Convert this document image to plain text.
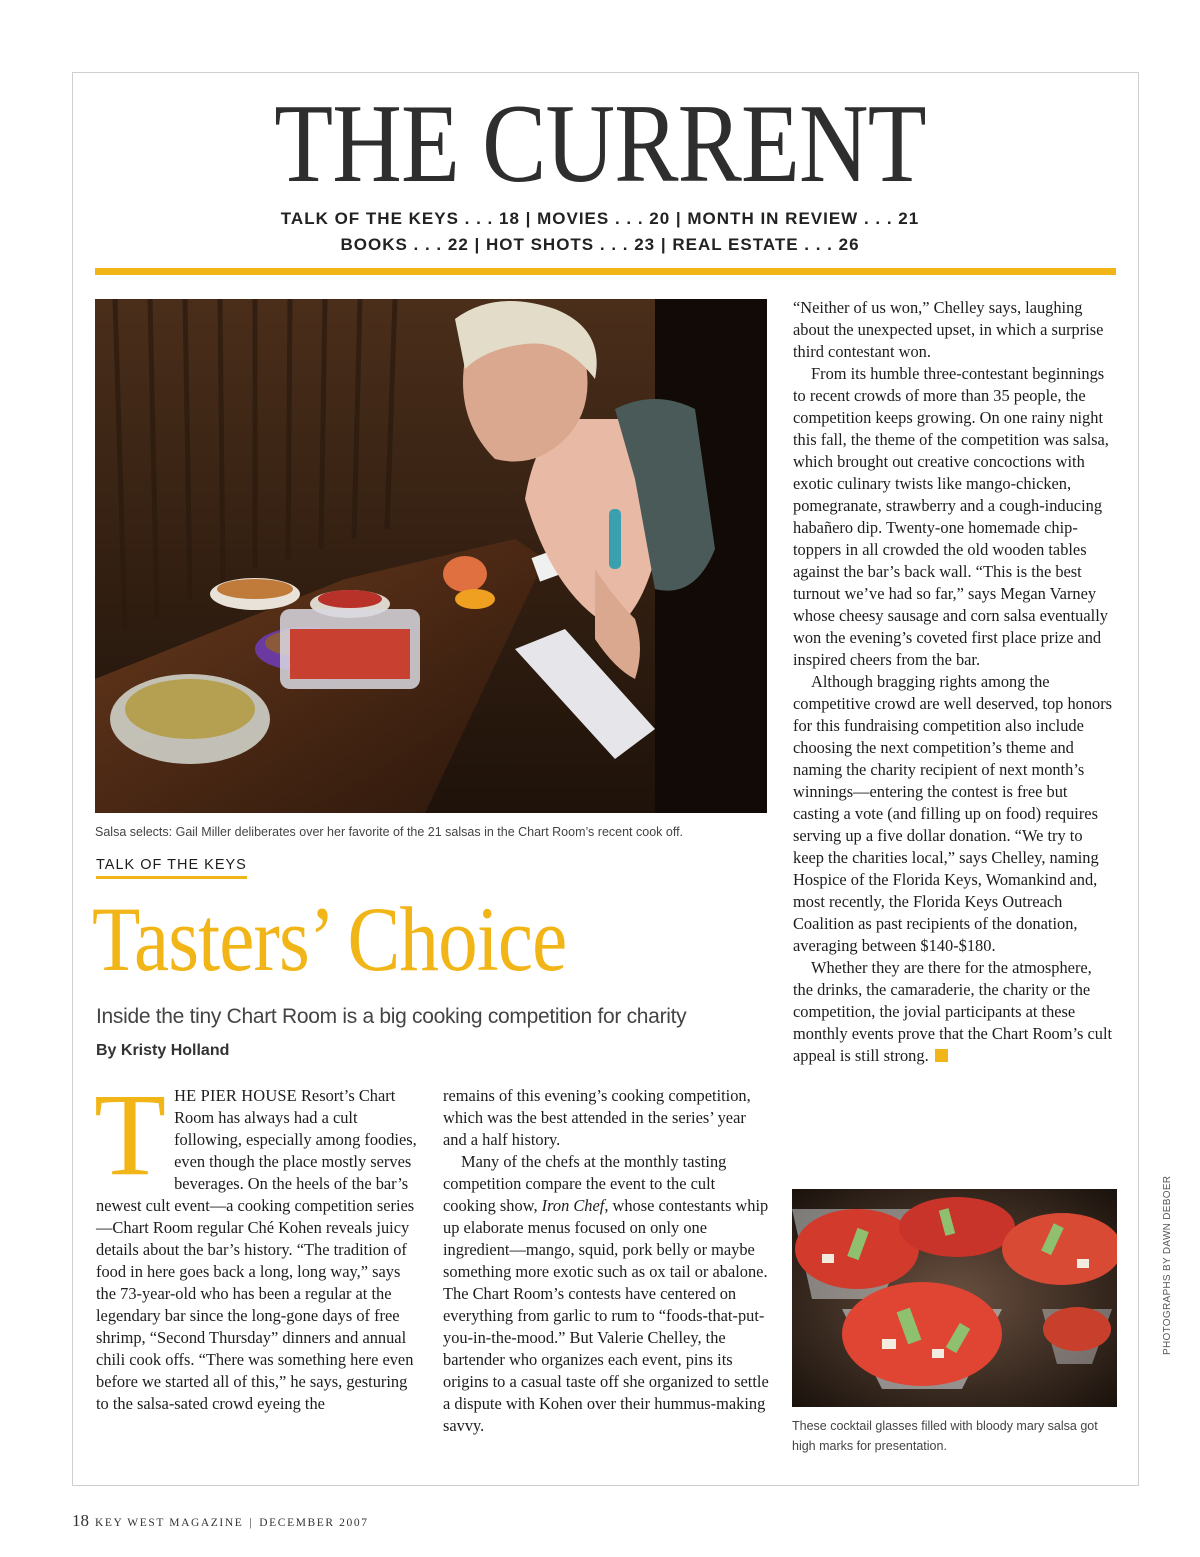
THE CURRENT
TALK OF THE KEYS . . . 18 | MOVIES . . . 20 | MONTH IN REVIEW . . . 21
BOOKS . . . 22 | HOT SHOTS . . . 23 | REAL ESTATE . . . 26
Salsa selects: Gail Miller deliberates over her favorite of the 21 salsas in the Chart Room’s recent cook off.
TALK OF THE KEYS
Tasters’ Choice
Inside the tiny Chart Room is a big cooking competition for charity
By Kristy Holland

THE PIER HOUSE Resort’s Chart Room has always had a cult following, especially among foodies, even though the place mostly serves beverages. On the heels of the bar’s newest cult event—a cooking competition series—Chart Room regular Ché Kohen reveals juicy details about the bar’s history. “The tradition of food in here goes back a long, long way,” says the 73-year-old who has been a regular at the legendary bar since the long-gone days of free shrimp, “Second Thursday” dinners and annual chili cook offs. “There was something here even before we started all of this,” he says, gesturing to the salsa-sated crowd eyeing the

remains of this evening’s cooking competition, which was the best attended in the series’ year and a half history.

Many of the chefs at the monthly tasting competition compare the event to the cult cooking show, Iron Chef, whose contestants whip up elaborate menus focused on only one ingredient—mango, squid, pork belly or maybe something more exotic such as ox tail or abalone. The Chart Room’s contests have centered on everything from garlic to rum to “foods-that-put-you-in-the-mood.” But Valerie Chelley, the bartender who organizes each event, pins its origins to a casual taste off she organized to settle a dispute with Kohen over their hummus-making savvy.

“Neither of us won,” Chelley says, laughing about the unexpected upset, in which a surprise third contestant won.

From its humble three-contestant beginnings to recent crowds of more than 35 people, the competition keeps growing. On one rainy night this fall, the theme of the competition was salsa, which brought out creative concoctions with exotic culinary twists like mango-chicken, pomegranate, strawberry and a cough-inducing habañero dip. Twenty-one homemade chip-toppers in all crowded the old wooden tables against the bar’s back wall. “This is the best turnout we’ve had so far,” says Megan Varney whose cheesy sausage and corn salsa eventually won the evening’s coveted first place prize and inspired cheers from the bar.

Although bragging rights among the competitive crowd are well deserved, top honors for this fundraising competition also include choosing the next competition’s theme and naming the charity recipient of next month’s winnings—entering the contest is free but casting a vote (and filling up on food) requires serving up a five dollar donation. “We try to keep the charities local,” says Chelley, naming Hospice of the Florida Keys, Womankind and, most recently, the Florida Keys Outreach Coalition as past recipients of the donation, averaging between $140-$180.

Whether they are there for the atmosphere, the drinks, the camaraderie, the charity or the competition, the jovial participants at these monthly events prove that the Chart Room’s cult appeal is still strong.

These cocktail glasses filled with bloody mary salsa got high marks for presentation.
PHOTOGRAPHS BY DAWN DEBOER
18 KEY WEST MAGAZINE | DECEMBER 2007
